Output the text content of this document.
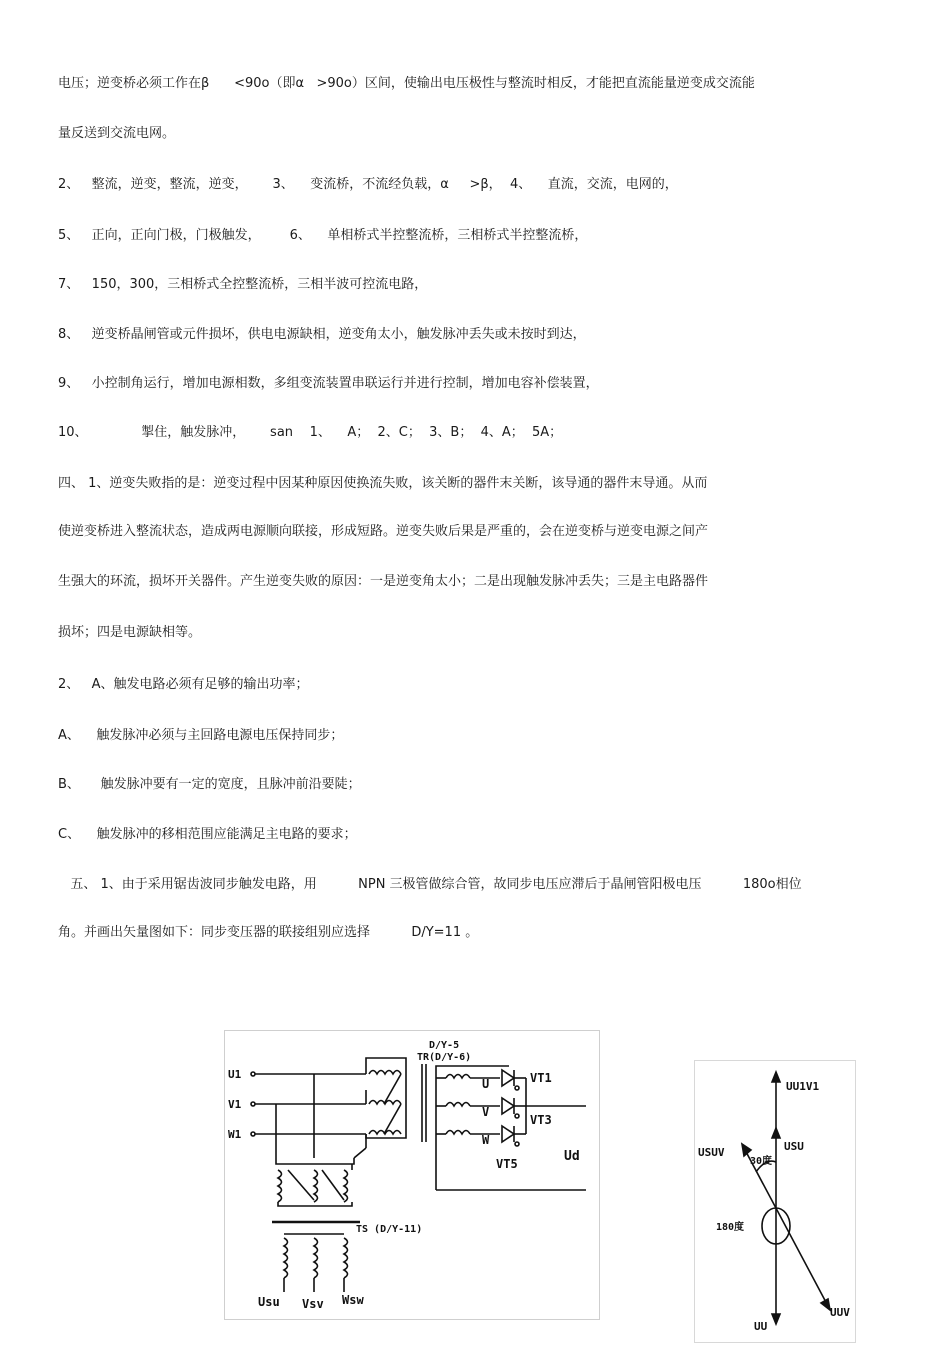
电压；逆变桥必须工作在β      <90o（即α   >90o）区间，使输出电压极性与整流时相反，才能把直流能量逆变成交流能
量反送到交流电网。
2、   整流，逆变，整流，逆变，      3、    变流桥，不流经负载，α     >β，  4、    直流，交流，电网的，
5、   正向，正向门极，门极触发，       6、    单相桥式半控整流桥，三相桥式半控整流桥，
7、   150，300，三相桥式全控整流桥，三相半波可控流电路，
8、   逆变桥晶闸管或元件损坏，供电电源缺相，逆变角太小，触发脉冲丢失或未按时到达，
9、   小控制角运行，增加电源相数，多组变流装置串联运行并进行控制，增加电容补偿装置，
10、             掣住，触发脉冲，      san    1、    A；  2、C；  3、B；  4、A；  5A；
四、 1、逆变失败指的是：逆变过程中因某种原因使换流失败，该关断的器件末关断，该导通的器件末导通。从而
使逆变桥进入整流状态，造成两电源顺向联接，形成短路。逆变失败后果是严重的，会在逆变桥与逆变电源之间产
生强大的环流，损坏开关器件。产生逆变失败的原因：一是逆变角太小；二是出现触发脉冲丢失；三是主电路器件
损坏；四是电源缺相等。
2、   A、触发电路必须有足够的输出功率；
A、    触发脉冲必须与主回路电源电压保持同步；
B、     触发脉冲要有一定的宽度，且脉冲前沿要陡；
C、    触发脉冲的移相范围应能满足主电路的要求；
五、 1、由于采用锯齿波同步触发电路，用          NPN 三极管做综合管，故同步电压应滞后于晶闸管阳极电压          180o相位
角。并画出矢量图如下：同步变压器的联接组别应选择          D/Y=11 。
D/Y-5
TR(D/Y-6)
U1
V1
W1
U
V
W
VT1
VT3
VT5	Ud
TS (D/Y-11)
Usu Vsv Wsw
UU1V1
USU
USUV
30度
180度
UUV
UU
